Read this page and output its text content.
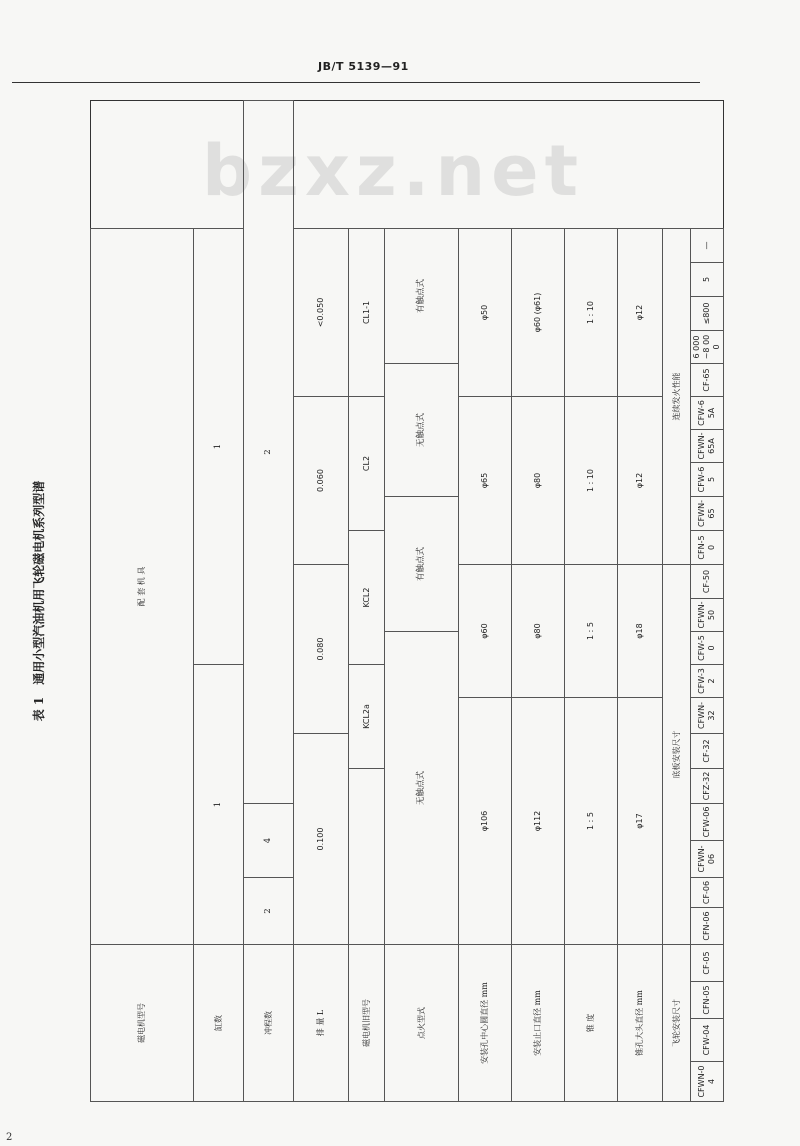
JB/T 5139—91
bzxz.net
表 1
通用小型汽油机用飞轮磁电机系列型谱
磁电机型号				配 套 机 具																				
缸数				1								1												
冲程数				2		4		2																
排 量 L				0.100						0.080					0.060					<0.050				
磁电机旧型号									KCL2a			KCL2				CL2				CL1-1				
点火型式				无触点式									有触点式				无触点式				有触点式			
安装孔中心圆直径 mm				φ106							φ60				φ65					φ50				
安装止口直径 mm				φ112							φ80				φ80					φ60 (φ61)				
锥 度				1 : 5							1 : 5				1 : 10					1 : 10				
锥孔大头直径 mm				φ17							φ18				φ12					φ12				
飞轮安装尺寸				底板安装尺寸											连续发火性能									
CFWN-04	CFW-04	CFN-05	CF-05	CFN-06	CF-06	CFWN-06	CFW-06	CFZ-32	CF-32	CFWN-32	CFW-32	CFW-50	CFWN-50	CF-50	CFN-50	CFWN-65	CFW-65	CFWN-65A	CFW-65A	CF-65	6 000~8 000	≤800	5	—
2
